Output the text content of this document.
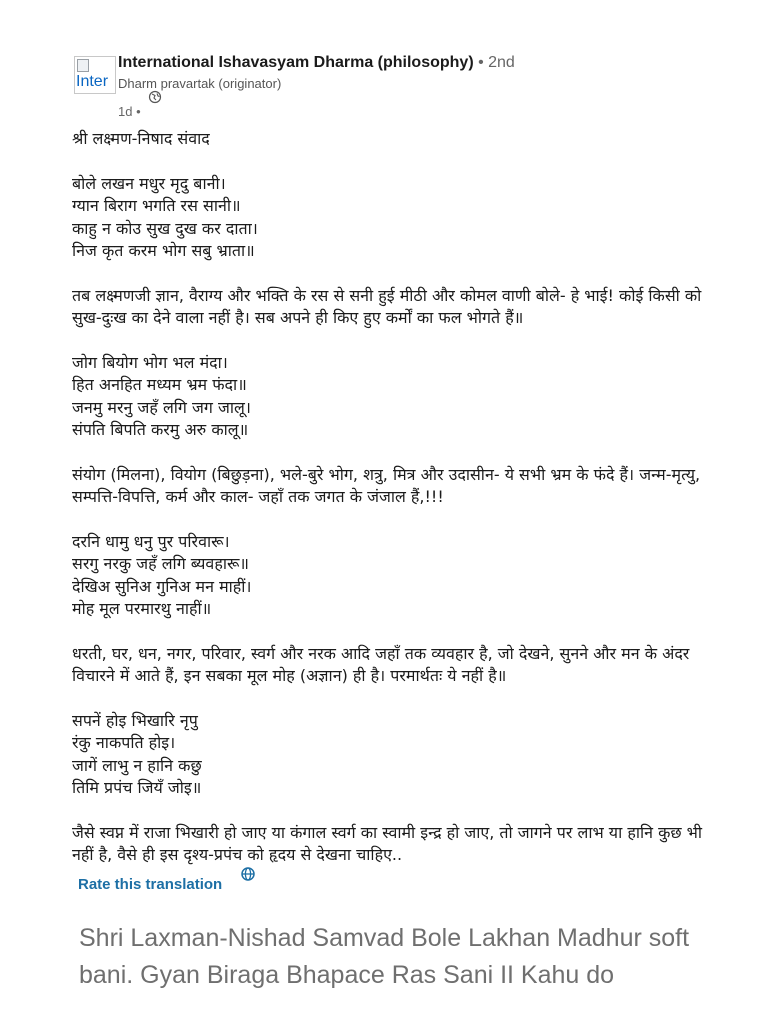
Inter
International Ishavasyam Dharma (philosophy) • 2nd
Dharm pravartak (originator)
1d •

श्री लक्ष्मण-निषाद संवाद

बोले लखन मधुर मृदु बानी।
ग्यान बिराग भगति रस सानी॥
काहु न कोउ सुख दुख कर दाता।
निज कृत करम भोग सबु भ्राता॥

तब लक्ष्मणजी ज्ञान, वैराग्य और भक्ति के रस से सनी हुई मीठी और कोमल वाणी बोले- हे भाई! कोई किसी को सुख-दुःख का देने वाला नहीं है। सब अपने ही किए हुए कर्मों का फल भोगते हैं॥

जोग बियोग भोग भल मंदा।
हित अनहित मध्यम भ्रम फंदा॥
जनमु मरनु जहँ लगि जग जालू।
संपति बिपति करमु अरु कालू॥

संयोग (मिलना), वियोग (बिछुड़ना), भले-बुरे भोग, शत्रु, मित्र और उदासीन- ये सभी भ्रम के फंदे हैं। जन्म-मृत्यु, सम्पत्ति-विपत्ति, कर्म और काल- जहाँ तक जगत के जंजाल हैं,!!!

दरनि धामु धनु पुर परिवारू।
सरगु नरकु जहँ लगि ब्यवहारू॥
देखिअ सुनिअ गुनिअ मन माहीं।
मोह मूल परमारथु नाहीं॥

धरती, घर, धन, नगर, परिवार, स्वर्ग और नरक आदि जहाँ तक व्यवहार है, जो देखने, सुनने और मन के अंदर विचारने में आते हैं, इन सबका मूल मोह (अज्ञान) ही है। परमार्थतः ये नहीं है॥

सपनें होइ भिखारि नृपु
रंकु नाकपति होइ।
जागें लाभु न हानि कछु
तिमि प्रपंच जियँ जोइ॥

जैसे स्वप्न में राजा भिखारी हो जाए या कंगाल स्वर्ग का स्वामी इन्द्र हो जाए, तो जागने पर लाभ या हानि कुछ भी नहीं है, वैसे ही इस दृश्य-प्रपंच को हृदय से देखना चाहिए..

Rate this translation
Shri Laxman-Nishad Samvad Bole Lakhan Madhur soft bani. Gyan Biraga Bhapace Ras Sani II Kahu do
